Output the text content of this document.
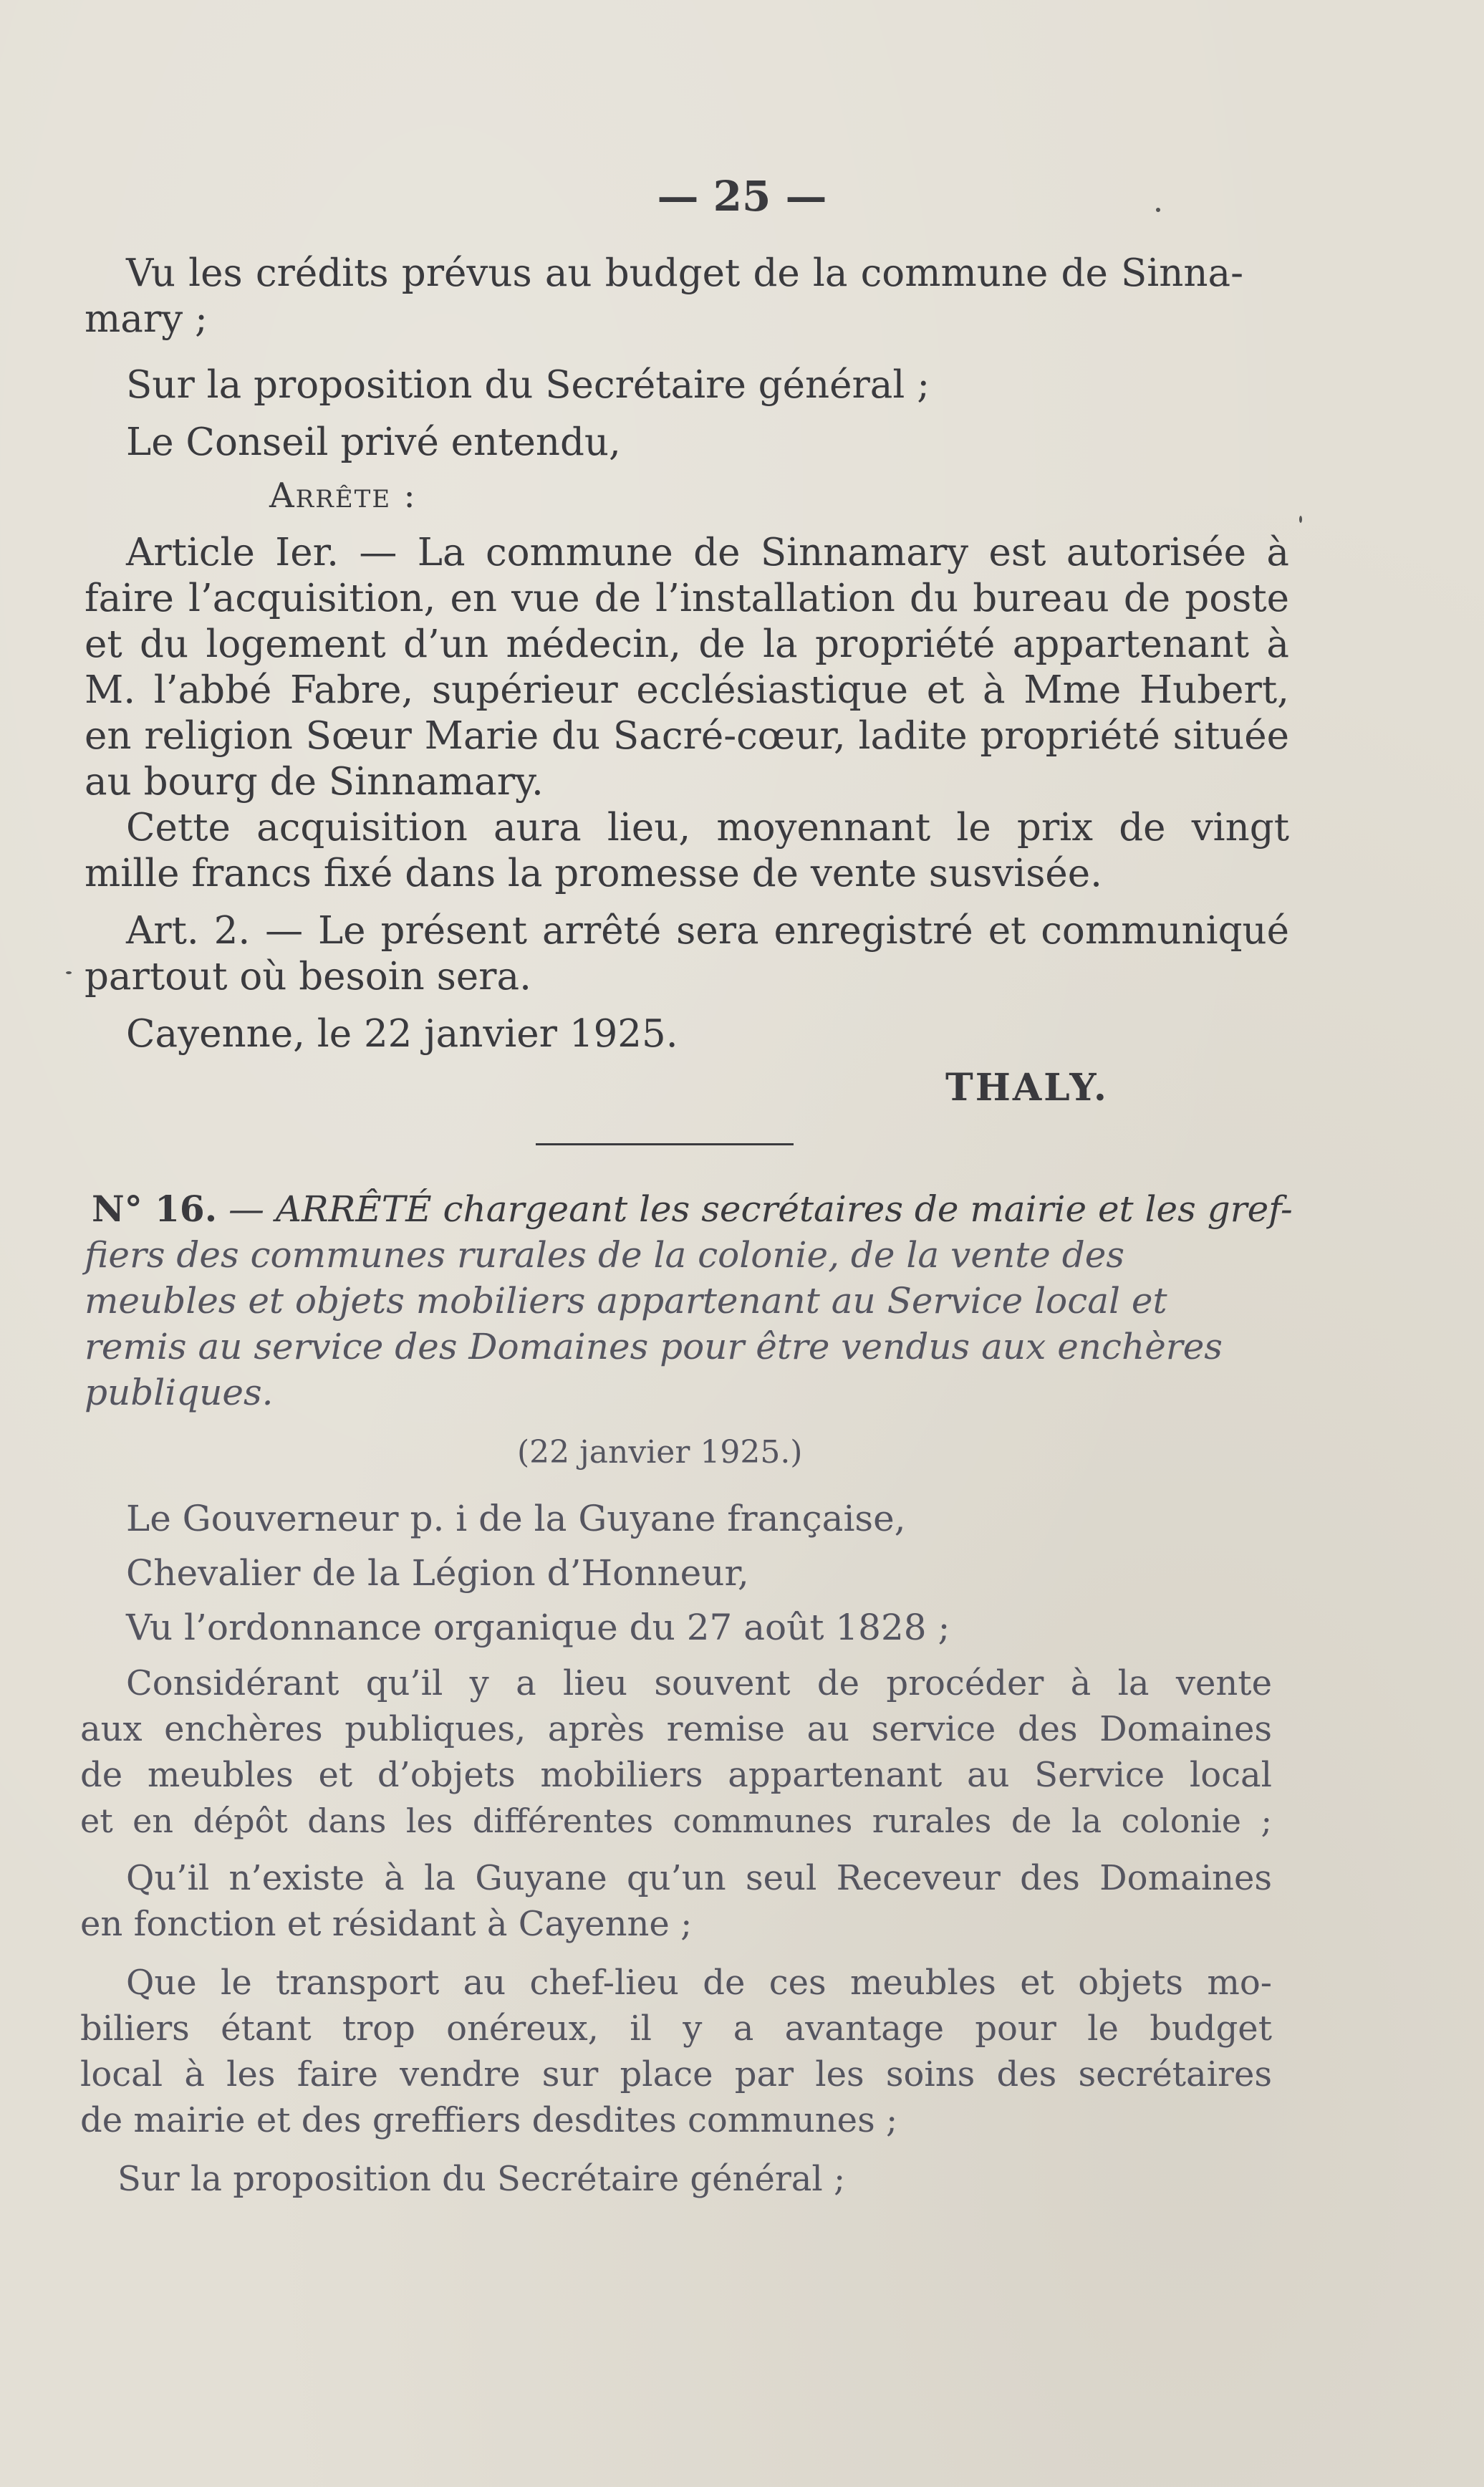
— 25 —
Vu les crédits prévus au budget de la commune de Sinna-
mary ;
Sur la proposition du Secrétaire général ;
Le Conseil privé entendu,
Arrête :
Article Ier. — La commune de Sinnamary est autorisée à
faire l’acquisition, en vue de l’installation du bureau de poste
et du logement d’un médecin, de la propriété appartenant à
M. l’abbé Fabre, supérieur ecclésiastique et à Mme Hubert,
en religion Sœur Marie du Sacré-cœur, ladite propriété située
au bourg de Sinnamary.
Cette acquisition aura lieu, moyennant le prix de vingt
mille francs fixé dans la promesse de vente susvisée.
Art. 2. — Le présent arrêté sera enregistré et communiqué
partout où besoin sera.
Cayenne, le 22 janvier 1925.
THALY.
N° 16. — ARRÊTÉ chargeant les secrétaires de mairie et les gref-
fiers des communes rurales de la colonie, de la vente des
meubles et objets mobiliers appartenant au Service local et
remis au service des Domaines pour être vendus aux enchères
publiques.
(22 janvier 1925.)
Le Gouverneur p. i de la Guyane française,
Chevalier de la Légion d’Honneur,
Vu l’ordonnance organique du 27 août 1828 ;
Considérant qu’il y a lieu souvent de procéder à la vente
aux enchères publiques, après remise au service des Domaines
de meubles et d’objets mobiliers appartenant au Service local
et en dépôt dans les différentes communes rurales de la colonie ;
Qu’il n’existe à la Guyane qu’un seul Receveur des Domaines
en fonction et résidant à Cayenne ;
Que le transport au chef-lieu de ces meubles et objets mo-
biliers étant trop onéreux, il y a avantage pour le budget
local à les faire vendre sur place par les soins des secrétaires
de mairie et des greffiers desdites communes ;
Sur la proposition du Secrétaire général ;
